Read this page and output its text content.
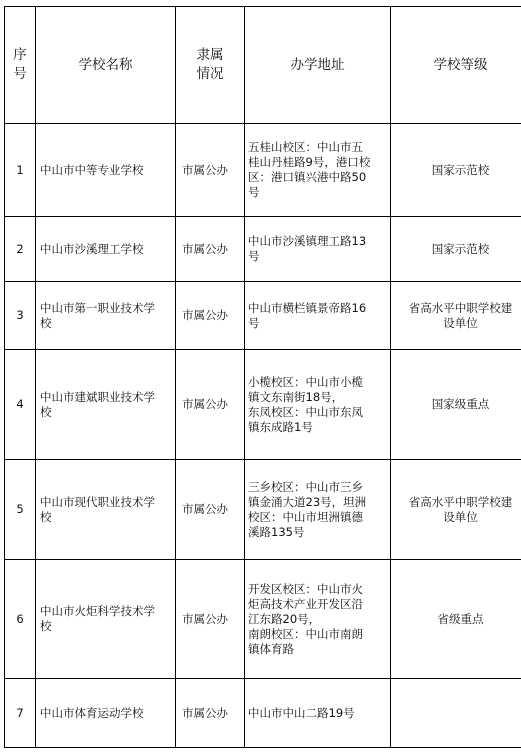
序
号	学校名称	隶属
情况	办学地址	学校等级

1	中山市中等专业学校	市属公办	五桂山校区：中山市五
桂山丹桂路9号，港口校
区：港口镇兴港中路50
号	国家示范校

2	中山市沙溪理工学校	市属公办	中山市沙溪镇理工路13
号	国家示范校

3	中山市第一职业技术学
校	市属公办	中山市横栏镇景帝路16
号	省高水平中职学校建
设单位

4	中山市建斌职业技术学
校	市属公办	小榄校区：中山市小榄
镇文东南街18号，
东凤校区：中山市东凤
镇东成路1号	国家级重点

5	中山市现代职业技术学
校	市属公办	三乡校区：中山市三乡
镇金涌大道23号，坦洲
校区：中山市坦洲镇德
溪路135号	省高水平中职学校建
设单位

6	中山市火炬科学技术学
校	市属公办	开发区校区：中山市火
炬高技术产业开发区沿
江东路20号，
南朗校区：中山市南朗
镇体育路	省级重点

7	中山市体育运动学校	市属公办	中山市中山二路19号	
